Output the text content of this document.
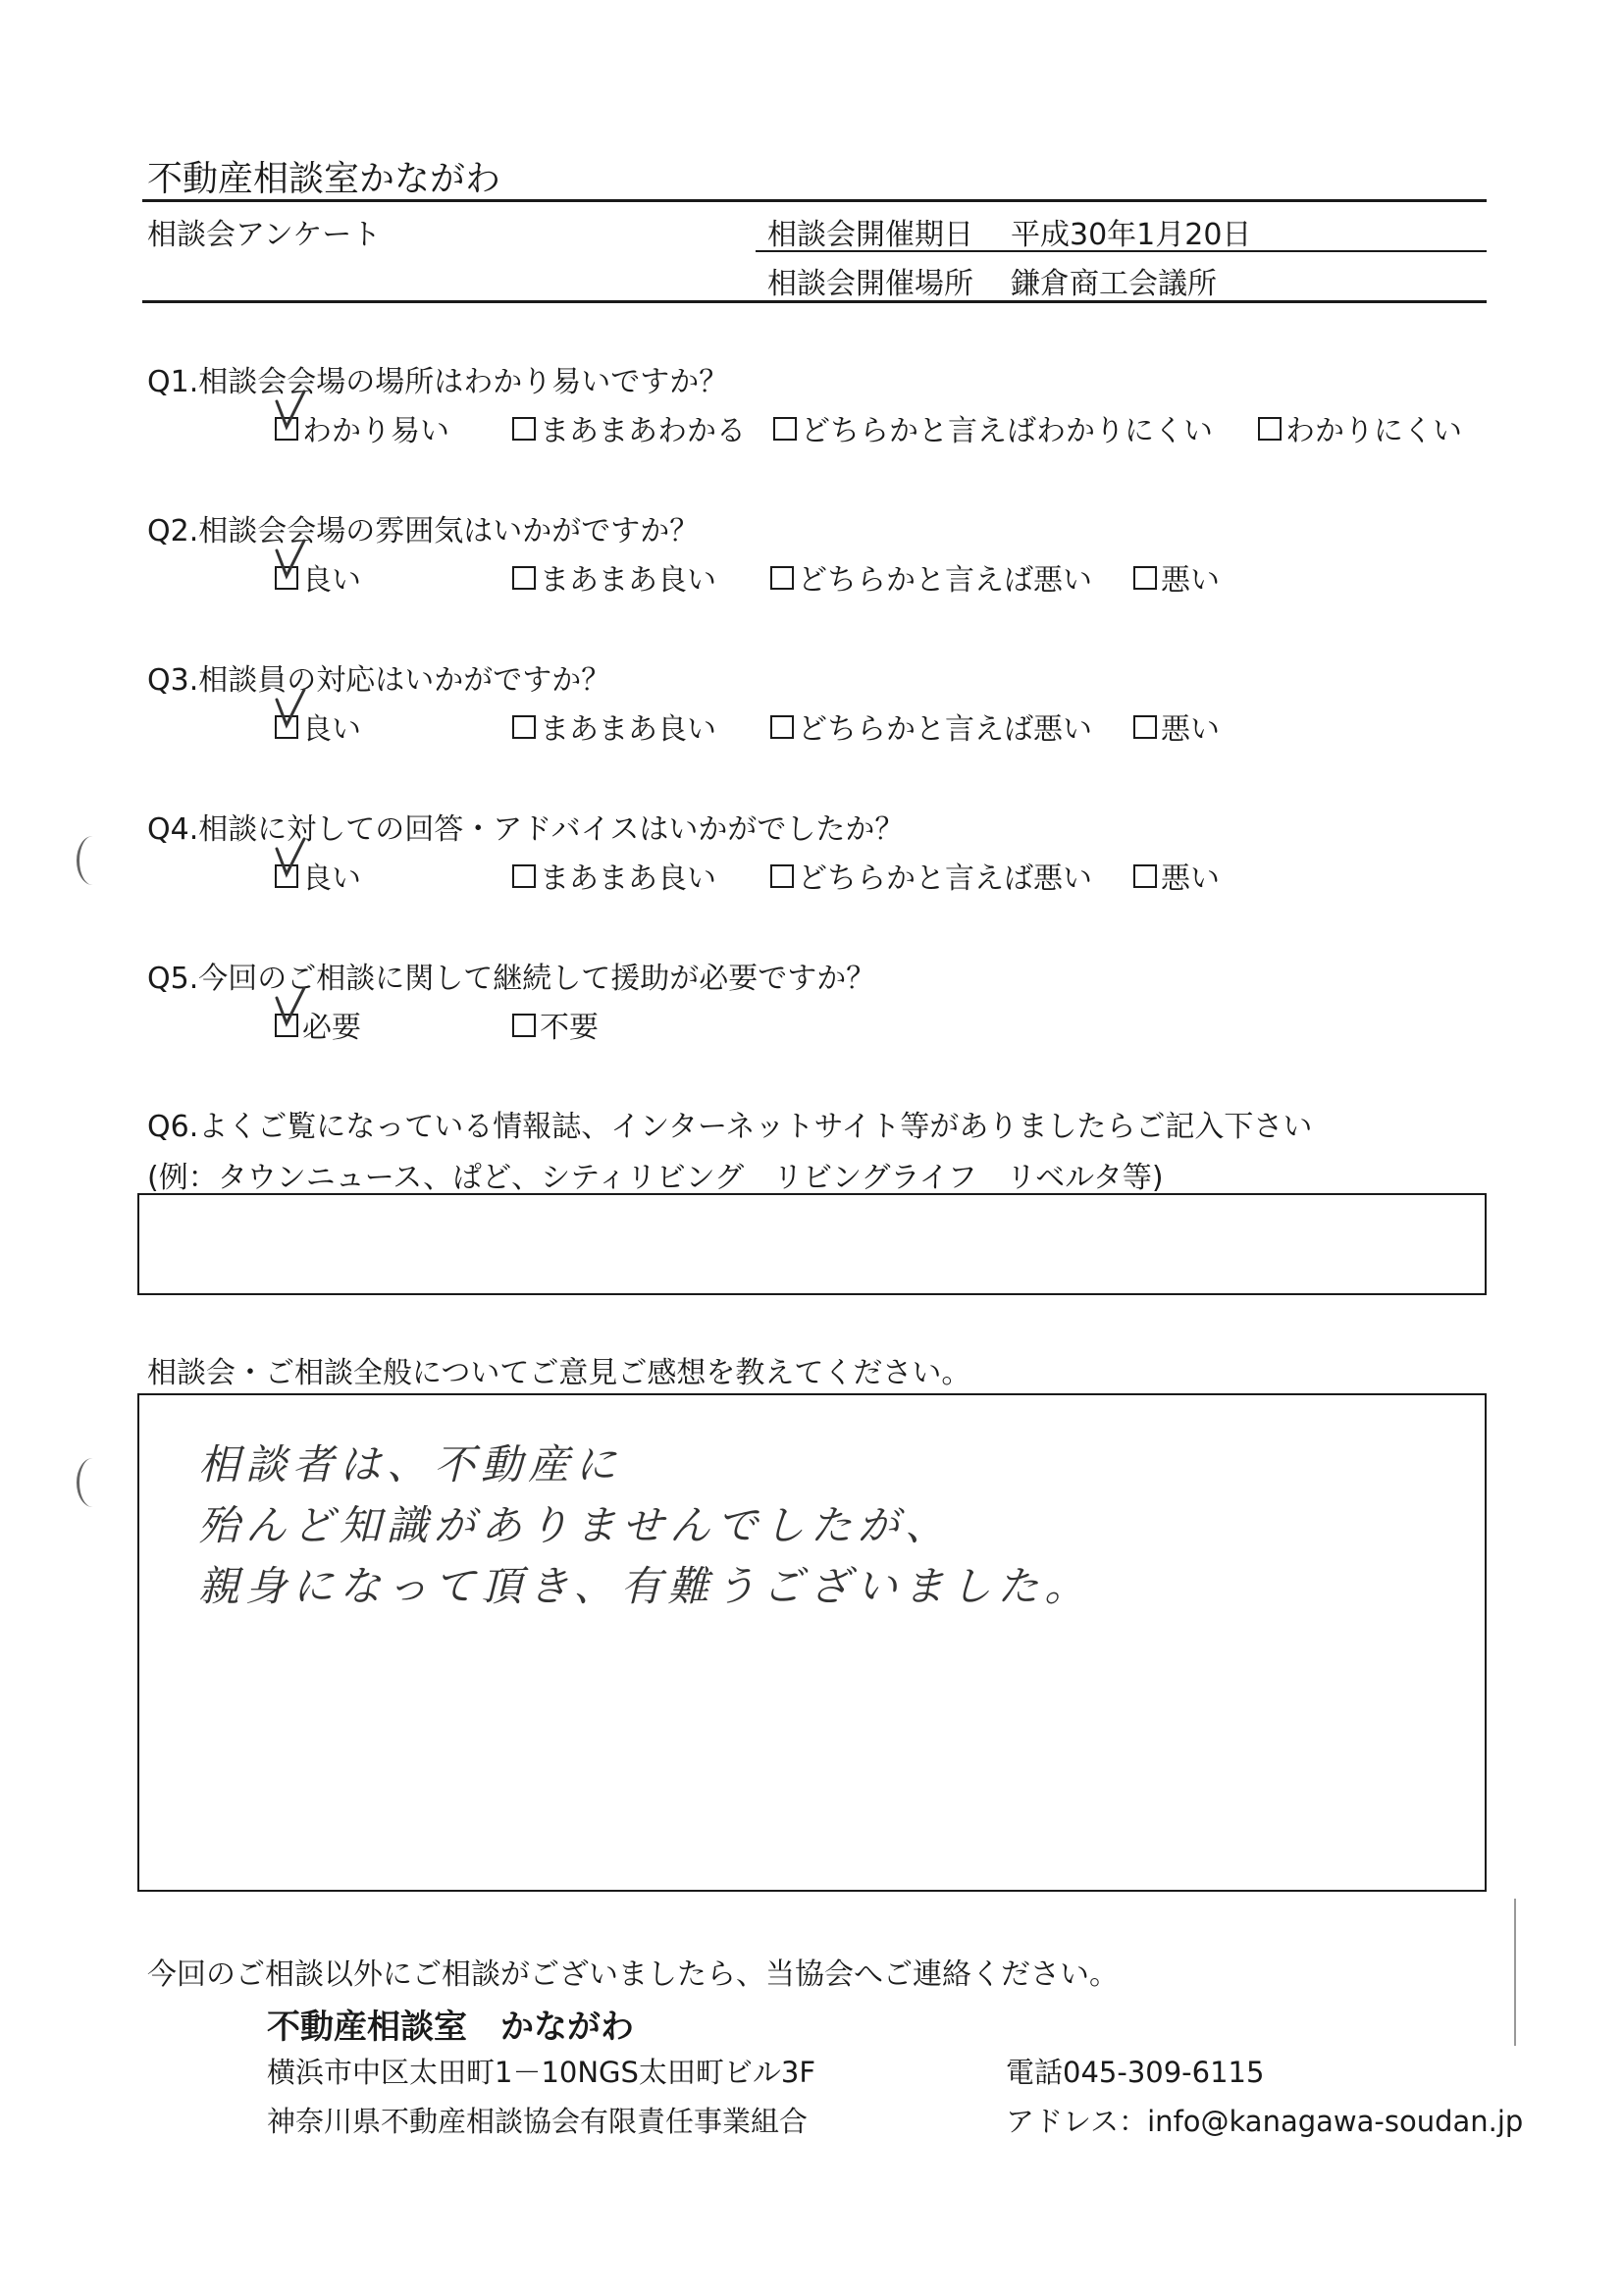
不動産相談室かながわ
相談会アンケート	相談会開催期日 平成30年1月20日
相談会開催場所 鎌倉商工会議所
Q1.相談会会場の場所はわかり易いですか？
わかり易い	まあまあわかる どちらかと言えばわかりにくい わかりにくい
Q2.相談会会場の雰囲気はいかがですか？
良い	まあまあ良い	どちらかと言えば悪い 悪い
Q3.相談員の対応はいかがですか？
良い	まあまあ良い	どちらかと言えば悪い 悪い
Q4.相談に対しての回答・アドバイスはいかがでしたか？
良い	まあまあ良い	どちらかと言えば悪い 悪い
Q5.今回のご相談に関して継続して援助が必要ですか？
必要	不要
Q6.よくご覧になっている情報誌、インターネットサイト等がありましたらご記入下さい
(例：タウンニュース、ぱど、シティリビング　リビングライフ　リベルタ等)
相談会・ご相談全般についてご意見ご感想を教えてください。
相談者は、不動産に
殆んど知識がありませんでしたが、
親身になって頂き、有難うございました。
今回のご相談以外にご相談がございましたら、当協会へご連絡ください。
不動産相談室　かながわ
横浜市中区太田町1－10NGS太田町ビル3F
神奈川県不動産相談協会有限責任事業組合
電話045-309-6115
アドレス：info@kanagawa-soudan.jp
